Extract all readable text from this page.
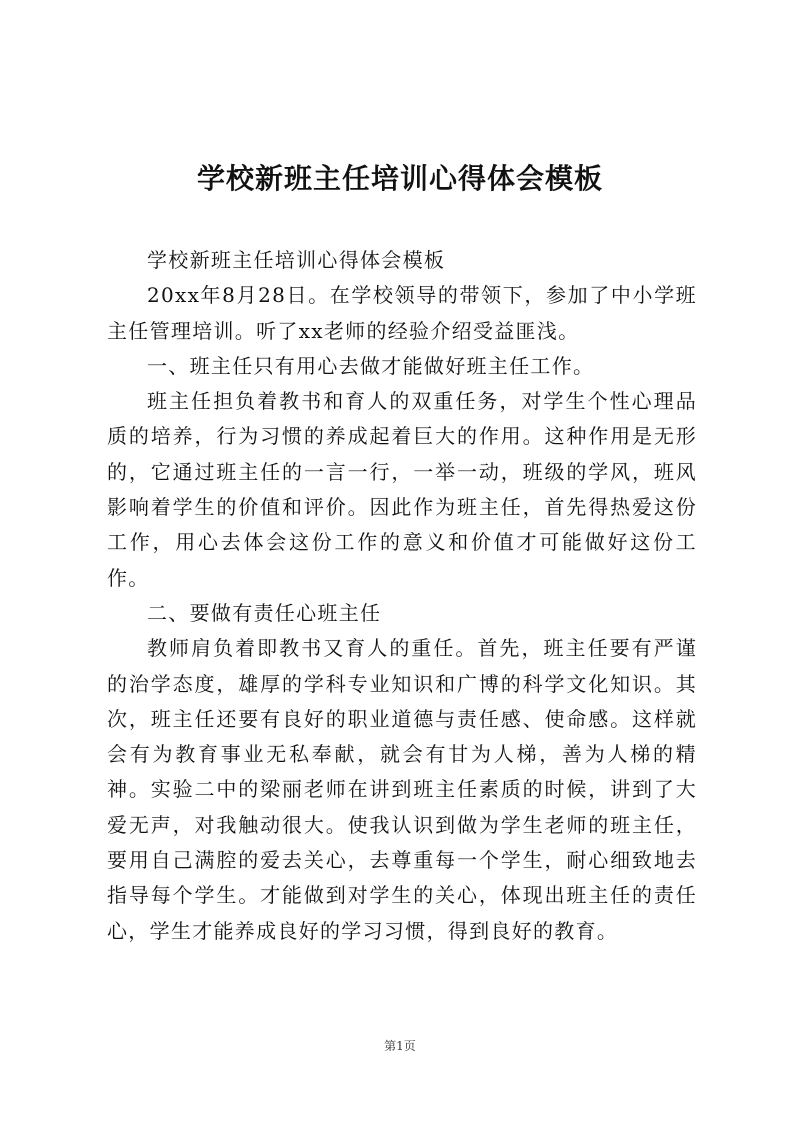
学校新班主任培训心得体会模板

学校新班主任培训心得体会模板

20xx年8月28日。在学校领导的带领下，参加了中小学班主任管理培训。听了xx老师的经验介绍受益匪浅。

一、班主任只有用心去做才能做好班主任工作。

班主任担负着教书和育人的双重任务，对学生个性心理品质的培养，行为习惯的养成起着巨大的作用。这种作用是无形的，它通过班主任的一言一行，一举一动，班级的学风，班风影响着学生的价值和评价。因此作为班主任，首先得热爱这份工作，用心去体会这份工作的意义和价值才可能做好这份工作。

二、要做有责任心班主任

教师肩负着即教书又育人的重任。首先，班主任要有严谨的治学态度，雄厚的学科专业知识和广博的科学文化知识。其次，班主任还要有良好的职业道德与责任感、使命感。这样就会有为教育事业无私奉献，就会有甘为人梯，善为人梯的精神。实验二中的梁丽老师在讲到班主任素质的时候，讲到了大爱无声，对我触动很大。使我认识到做为学生老师的班主任，要用自己满腔的爱去关心，去尊重每一个学生，耐心细致地去指导每个学生。才能做到对学生的关心，体现出班主任的责任心，学生才能养成良好的学习习惯，得到良好的教育。

第1页
